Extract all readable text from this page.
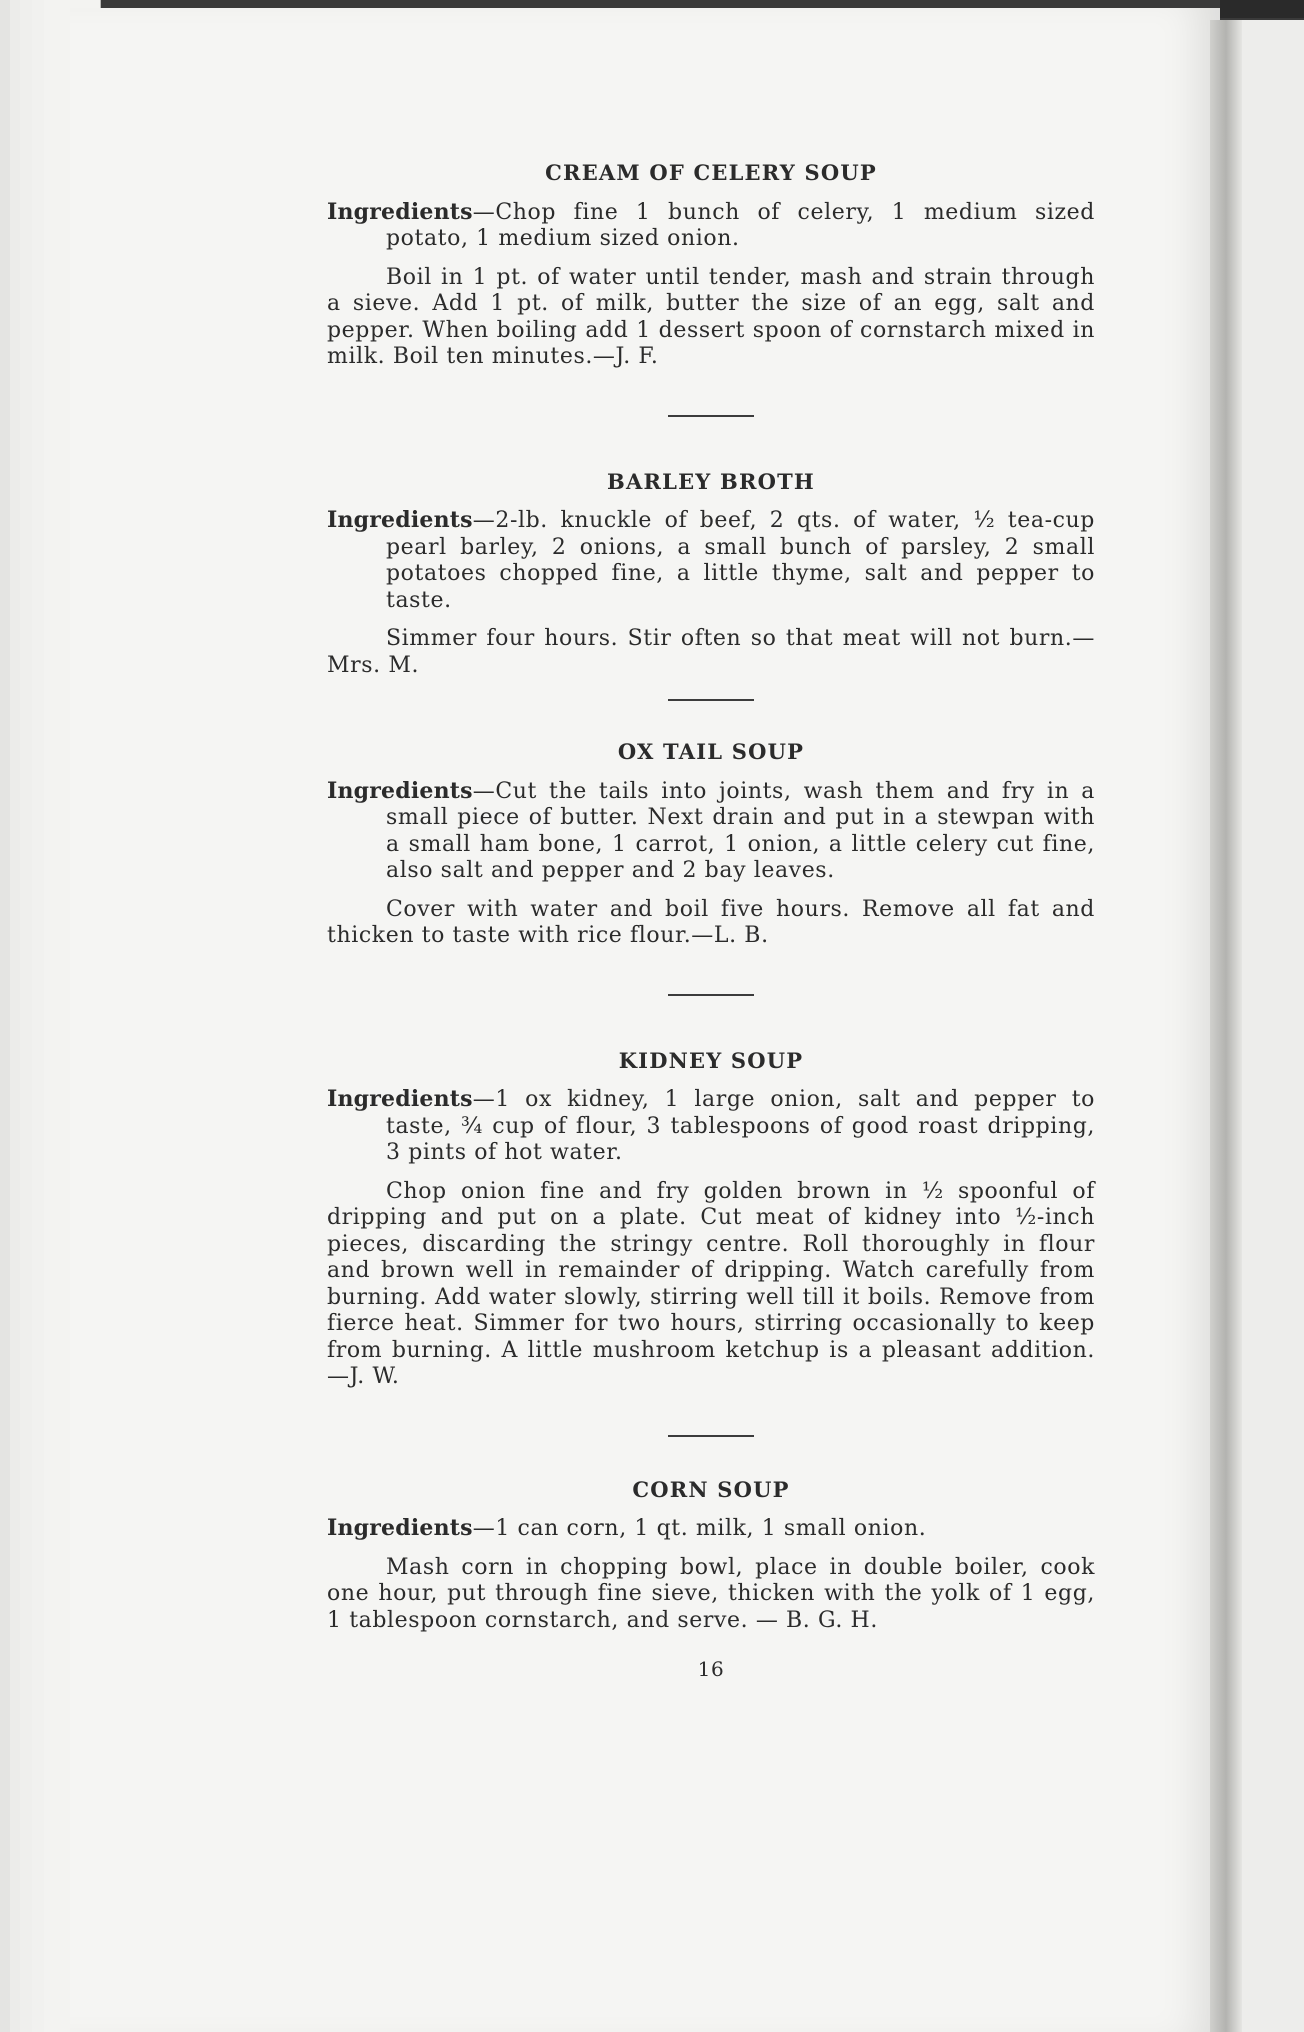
CREAM OF CELERY SOUP

Ingredients—Chop fine 1 bunch of celery, 1 medium sized potato, 1 medium sized onion.

Boil in 1 pt. of water until tender, mash and strain through a sieve. Add 1 pt. of milk, butter the size of an egg, salt and pepper. When boiling add 1 dessert spoon of cornstarch mixed in milk. Boil ten minutes.—J. F.

BARLEY BROTH

Ingredients—2-lb. knuckle of beef, 2 qts. of water, ½ tea-cup pearl barley, 2 onions, a small bunch of parsley, 2 small potatoes chopped fine, a little thyme, salt and pepper to taste.

Simmer four hours. Stir often so that meat will not burn.—Mrs. M.

OX TAIL SOUP

Ingredients—Cut the tails into joints, wash them and fry in a small piece of butter. Next drain and put in a stewpan with a small ham bone, 1 carrot, 1 onion, a little celery cut fine, also salt and pepper and 2 bay leaves.

Cover with water and boil five hours. Remove all fat and thicken to taste with rice flour.—L. B.

KIDNEY SOUP

Ingredients—1 ox kidney, 1 large onion, salt and pepper to taste, ¾ cup of flour, 3 tablespoons of good roast dripping, 3 pints of hot water.

Chop onion fine and fry golden brown in ½ spoonful of dripping and put on a plate. Cut meat of kidney into ½-inch pieces, discarding the stringy centre. Roll thoroughly in flour and brown well in remainder of dripping. Watch carefully from burning. Add water slowly, stirring well till it boils. Remove from fierce heat. Simmer for two hours, stirring occasionally to keep from burning. A little mushroom ketchup is a pleasant addition.—J. W.

CORN SOUP

Ingredients—1 can corn, 1 qt. milk, 1 small onion.

Mash corn in chopping bowl, place in double boiler, cook one hour, put through fine sieve, thicken with the yolk of 1 egg, 1 tablespoon cornstarch, and serve. — B. G. H.

16
